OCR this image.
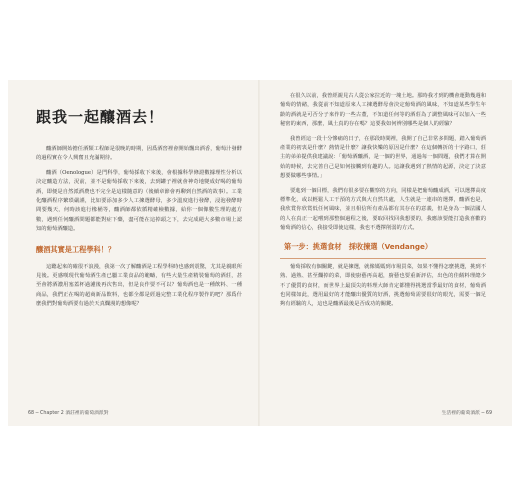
跟我一起釀酒去！

釀酒師開始擔任酒類工程師是很晚的時期，因爲酒窖裡會開始飄出酒香，葡萄汁發酵的過程實在令人興奮且充滿期待。

釀酒（Oenologue）是門科學，葡萄採收下來後，會根據科學條證數據理性分析以決定釀造方法，況前，並不是葡萄採收下來後，去到罐子裡就會神奇地變成好喝的葡萄酒，即便是自然派酒農也不完全是這樣隨意的（後續章節會再聊到自然酒的故事）。工業化釀酒程序繁瑣嚴謹，比如要添加多少人工揀選酵母，多少溫度進行發酵，浸泡發酵時間要幾天，何時該進行橡桶等，釀酒師都依循精確檢數據，給你一個像數生理的處方數，遇到任何釀酒問題都能對症下藥，盡可能在這掉頭之下，去完成絕大多數市場上認知的葡萄酒釀造。

釀酒其實是工程學科！？

這聽起來的確很不浪漫，我第一次了解釀酒是工程學科時也感到震驚，尤其是親眼所見後。更感嘆現代葡萄酒生產已屬工業食品的範疇，有些大量生產精裝葡萄的酒莊，甚至會將酒濃用塞蓋杯過濾後再次售出，但是良作要不可以？葡萄酒也是一種飲料、一種商品，我們正在喝的超商新品飲料，也都全都是經過完整工業化程序製作的吧？那爲什麼我們對葡萄酒要有過於天真爛漫的想像呢？

68 ─ Chapter 2 酒莊裡的葡萄酒派對

在很久以前，我曾經親見古人從公家拉近的一塊土地。那時我才到的機會運動幾週和葡萄的情緒，我從前不知道原來人工揀選酵母會決定葡萄酒的風味，不知道某些學生年齡的酒就是可否分子來作的一些古董，不知道任何等的酒莊為了調整風味可以加入一些秘密的東西，那麼，風土真的存在嗎？這要我如何辨別哪些是個人的經驗？

我曾經這一段十分慘痛的日子，在那段時間裡，我開了自己非常多問題，踏入葡萄酒產業的初衷是什麼？熱情是什麼？讓我快樂的原因是什麼？在這個轉折的十字路口，莊主的弟弟提供我建議說：「葡萄酒釀酒，是一個的世界，通過每一個問題，我們才算在開始的時候，去完善自己是如何接觸到有趣的人。這讓我遇到了熱情的起源，決定了決意想要做哪些事情。」

要進到一個目標，我們有很多要在觀察的方向，同樣是把葡萄釀成酒，可以選擇高度標準化，或以輕鬆人工干預的方式與大自然共處，人生就是一連串的選擇，釀酒也是，我欣賞你欣賞低任何風味，並且相信所有產品都有其存在的意義，但是身為一個法國人的人在真正一起嚐到那整個過程之後，要取回找回我想要的，我應該要能打造我喜歡的葡萄酒的信心，我接受即使這樣，我也不選擇削弱的方式。

第一步：挑選食材　採收揀選（Vendange）

葡萄採收有個關鍵，就是揀選，就像媽媽到市場買菜，如果不懂得怎麼挑選，挑到不熟、過熟、甚至爛掉的菜，即使廚藝再高超，廚藝也要重新評估，出色的佳餚料理總少不了優質的食材，而世界上最頂尖的料理大師肯定都懂得挑選當季最好的食材，葡萄酒也同樣如此，選用最好的才能釀出優質的好酒，挑選葡萄需要很好的眼光，需要一個足夠有經驗的人，這也是釀酒最後是否成功的關鍵。

生活裡的葡萄酒派 ─ 69
